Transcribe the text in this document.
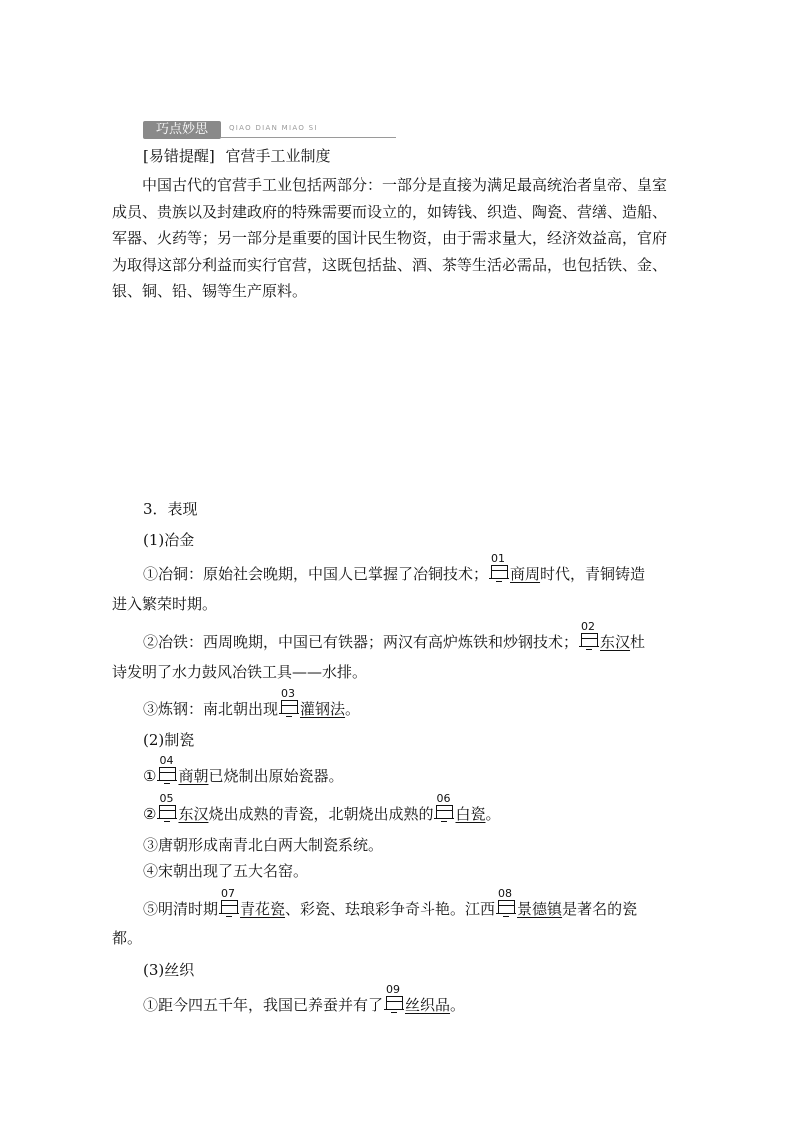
巧点妙思	QIAO DIAN MIAO SI
[易错提醒] 官营手工业制度
中国古代的官营手工业包括两部分：一部分是直接为满足最高统治者皇帝、皇室成员、贵族以及封建政府的特殊需要而设立的，如铸钱、织造、陶瓷、营缮、造船、军器、火药等；另一部分是重要的国计民生物资，由于需求量大，经济效益高，官府为取得这部分利益而实行官营，这既包括盐、酒、茶等生活必需品，也包括铁、金、银、铜、铅、锡等生产原料。
3．表现
(1)冶金
①冶铜：原始社会晚期，中国人已掌握了冶铜技术；
01
商周时代，青铜铸造
进入繁荣时期。
②冶铁：西周晚期，中国已有铁器；两汉有高炉炼铁和炒钢技术；
02
东汉杜
诗发明了水力鼓风冶铁工具——水排。
③炼钢：南北朝出现
03
灌钢法。
(2)制瓷
①
04
商朝已烧制出原始瓷器。
②
05
东汉烧出成熟的青瓷，北朝烧出成熟的
06
白瓷。
③唐朝形成南青北白两大制瓷系统。
④宋朝出现了五大名窑。
⑤明清时期
07
青花瓷、彩瓷、珐琅彩争奇斗艳。江西
08
景德镇是著名的瓷
都。
(3)丝织
①距今四五千年，我国已养蚕并有了
09
丝织品。
